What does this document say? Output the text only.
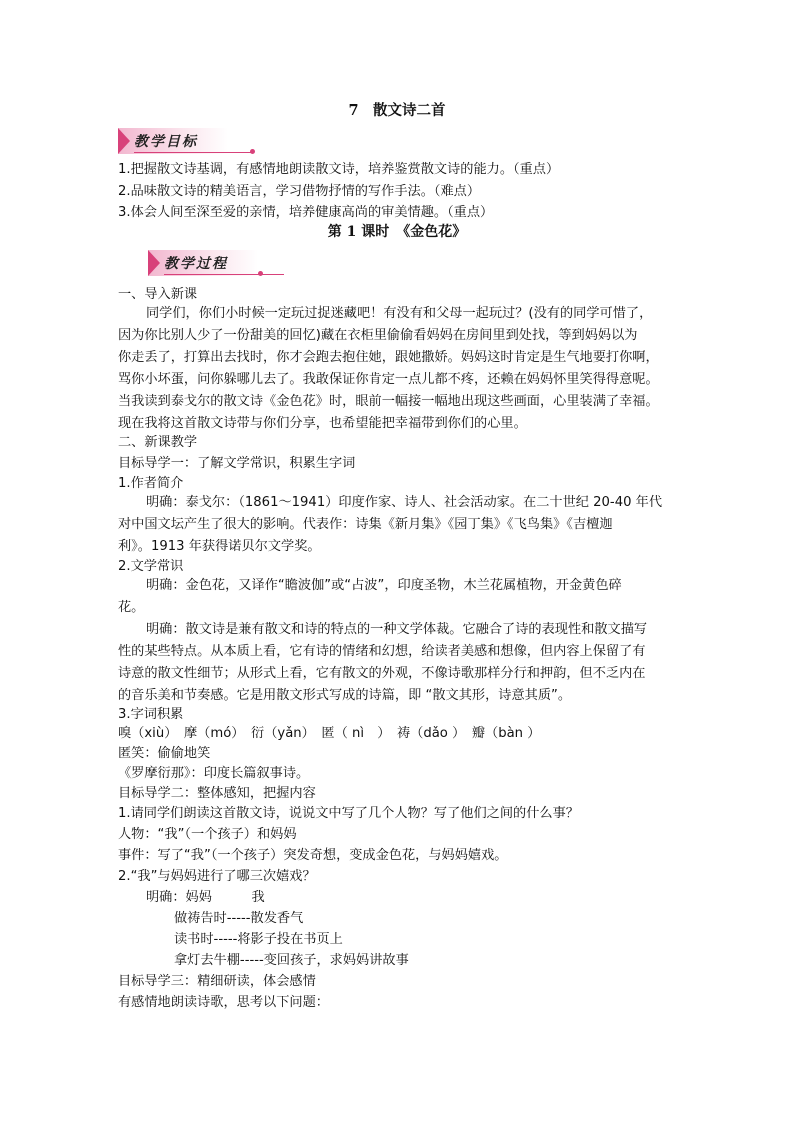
7　散文诗二首
教学目标
1.把握散文诗基调，有感情地朗读散文诗，培养鉴赏散文诗的能力。（重点）
2.品味散文诗的精美语言，学习借物抒情的写作手法。（难点）
3.体会人间至深至爱的亲情，培养健康高尚的审美情趣。（重点）
第 1 课时　《金色花》
教学过程
一、导入新课
同学们，你们小时候一定玩过捉迷藏吧！有没有和父母一起玩过？(没有的同学可惜了，
因为你比别人少了一份甜美的回忆)藏在衣柜里偷偷看妈妈在房间里到处找，等到妈妈以为
你走丢了，打算出去找时，你才会跑去抱住她，跟她撒娇。妈妈这时肯定是生气地要打你啊，
骂你小坏蛋，问你躲哪儿去了。我敢保证你肯定一点儿都不疼，还赖在妈妈怀里笑得得意呢。
当我读到泰戈尔的散文诗《金色花》时，眼前一幅接一幅地出现这些画面，心里装满了幸福。
现在我将这首散文诗带与你们分享，也希望能把幸福带到你们的心里。
二、新课教学
目标导学一：了解文学常识，积累生字词
1.作者简介
明确：泰戈尔：（1861～1941）印度作家、诗人、社会活动家。在二十世纪 20-40 年代
对中国文坛产生了很大的影响。代表作：诗集《新月集》《园丁集》《飞鸟集》《吉檀迦
利》。1913 年获得诺贝尔文学奖。
2.文学常识
明确：金色花，又译作“瞻波伽”或“占波”，印度圣物，木兰花属植物，开金黄色碎
花。
明确：散文诗是兼有散文和诗的特点的一种文学体裁。它融合了诗的表现性和散文描写
性的某些特点。从本质上看，它有诗的情绪和幻想，给读者美感和想像，但内容上保留了有
诗意的散文性细节；从形式上看，它有散文的外观，不像诗歌那样分行和押韵，但不乏内在
的音乐美和节奏感。它是用散文形式写成的诗篇，即 “散文其形，诗意其质”。
3.字词积累
嗅（xiù）　摩（mó）　衍（yǎn）　匿（ nì　）　祷（dǎo ）　瓣（bàn ）
匿笑：偷偷地笑
《罗摩衍那》：印度长篇叙事诗。
目标导学二：整体感知，把握内容
1.请同学们朗读这首散文诗，说说文中写了几个人物？写了他们之间的什么事？
人物：“我”（一个孩子）和妈妈
事件：写了“我”（一个孩子）突发奇想，变成金色花，与妈妈嬉戏。
2.“我”与妈妈进行了哪三次嬉戏？
明确：妈妈　　　我
做祷告时-----散发香气
读书时-----将影子投在书页上
拿灯去牛棚-----变回孩子，求妈妈讲故事
目标导学三：精细研读，体会感情
有感情地朗读诗歌，思考以下问题：
